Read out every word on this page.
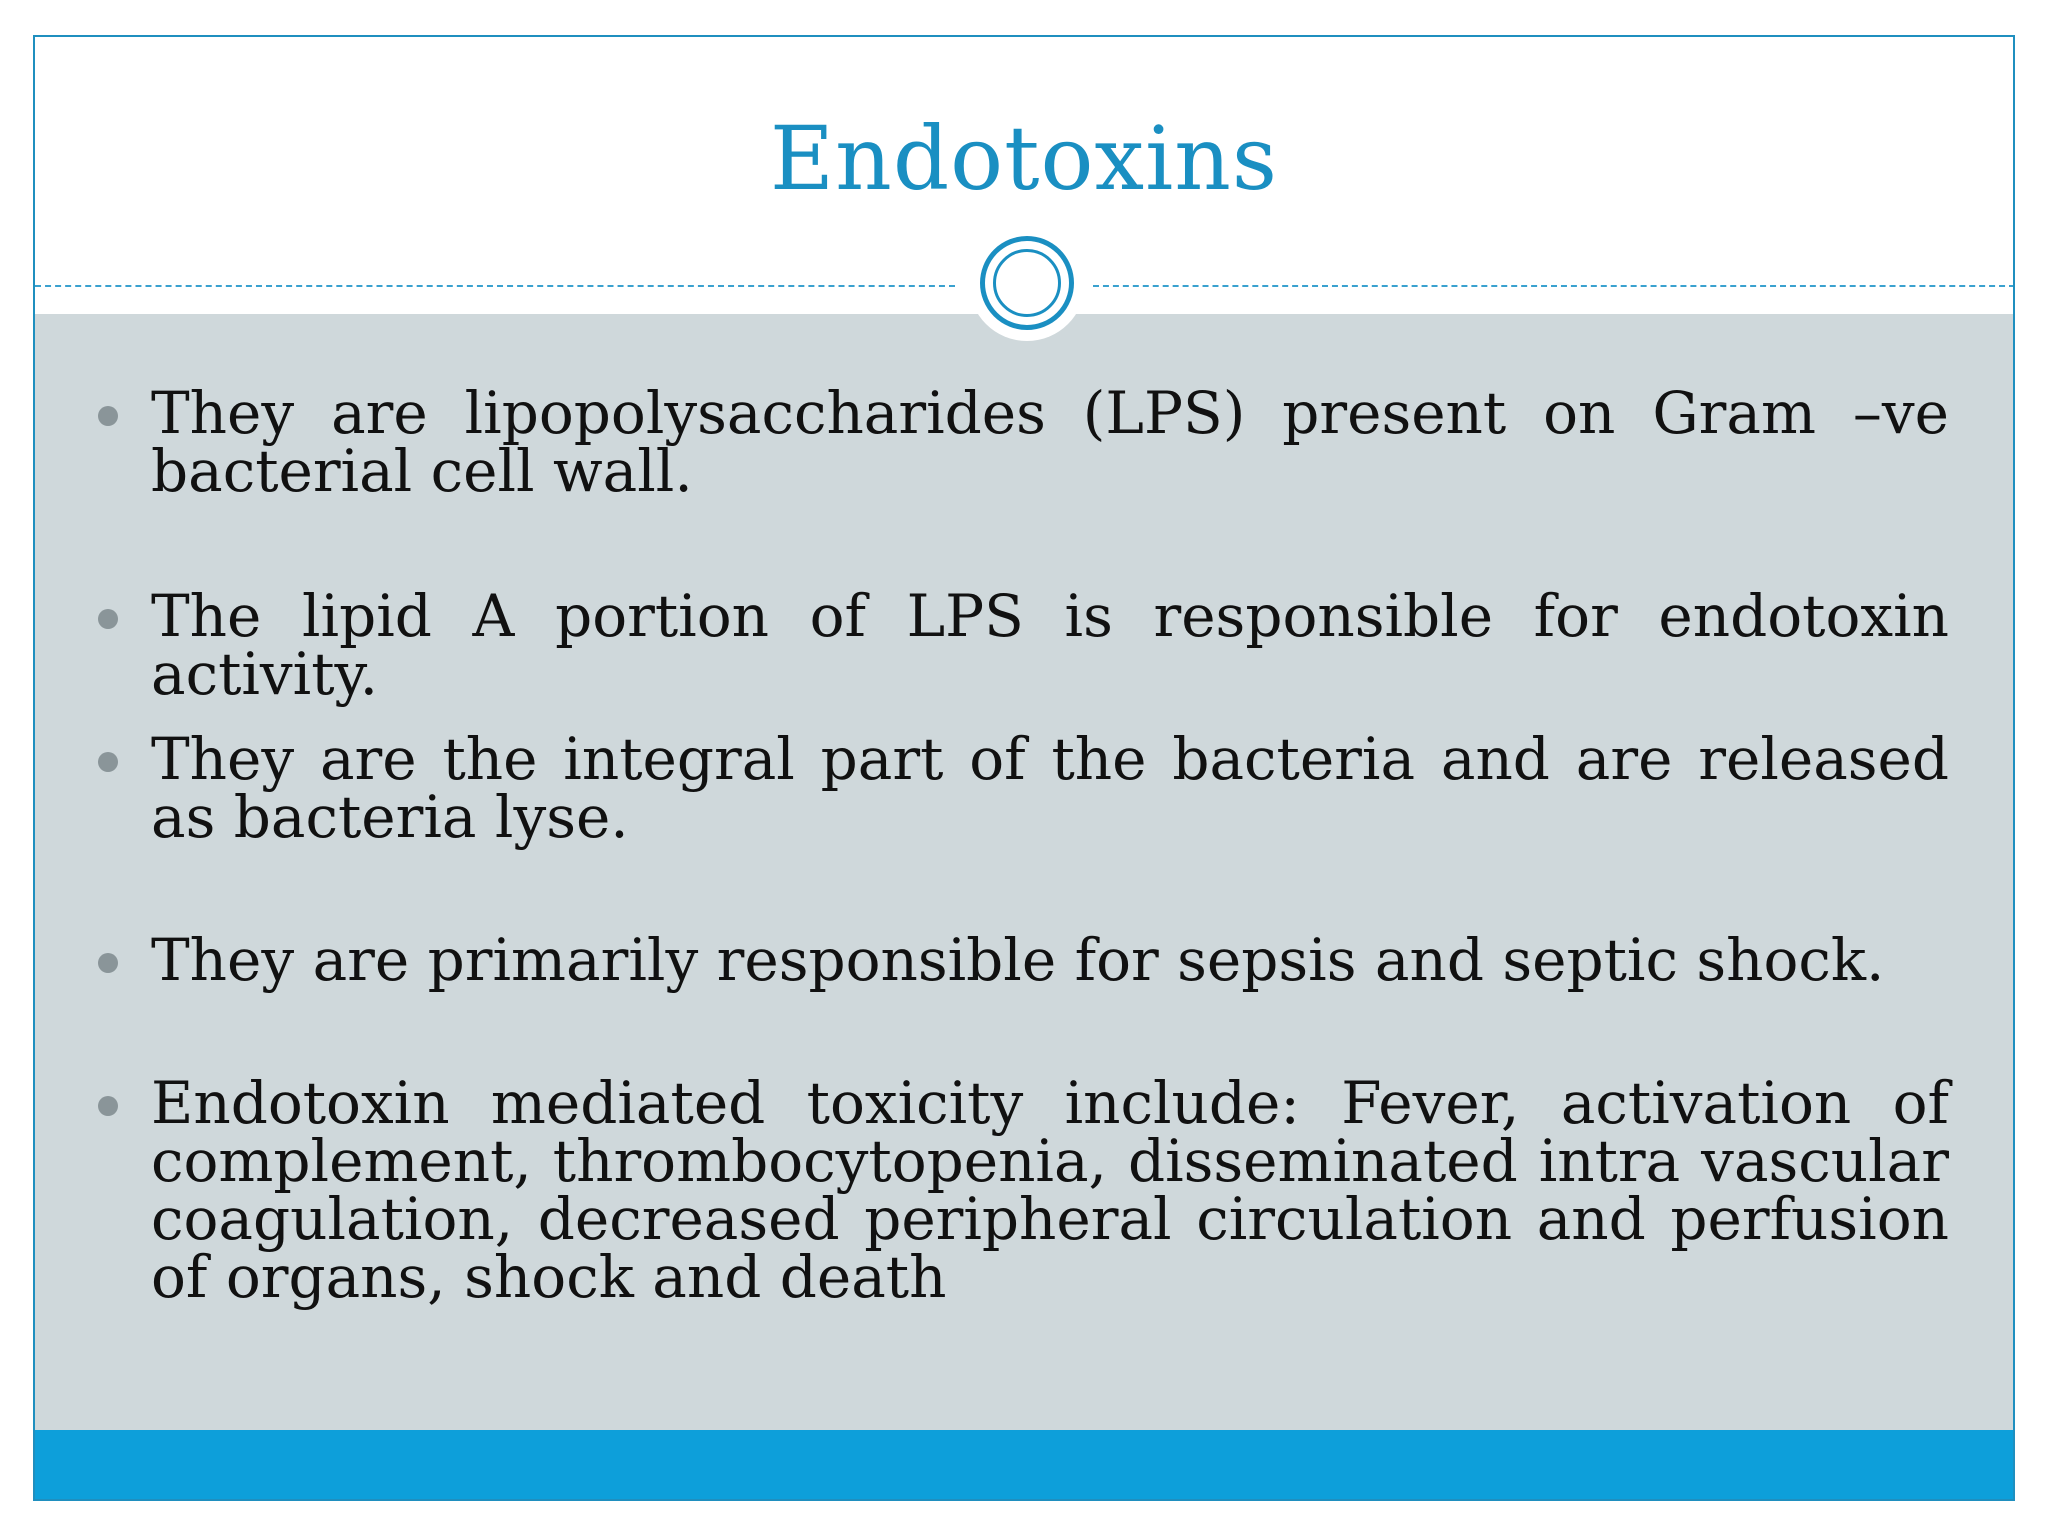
Endotoxins

They are lipopolysaccharides (LPS) present on Gram –ve bacterial cell wall.

The lipid A portion of LPS is responsible for endotoxin activity.

They are the integral part of the bacteria and are released as bacteria lyse.

They are primarily responsible for sepsis and septic shock.

Endotoxin mediated toxicity include: Fever, activation of complement, thrombocytopenia, disseminated intra vascular coagulation, decreased peripheral circulation and perfusion of organs, shock and death
